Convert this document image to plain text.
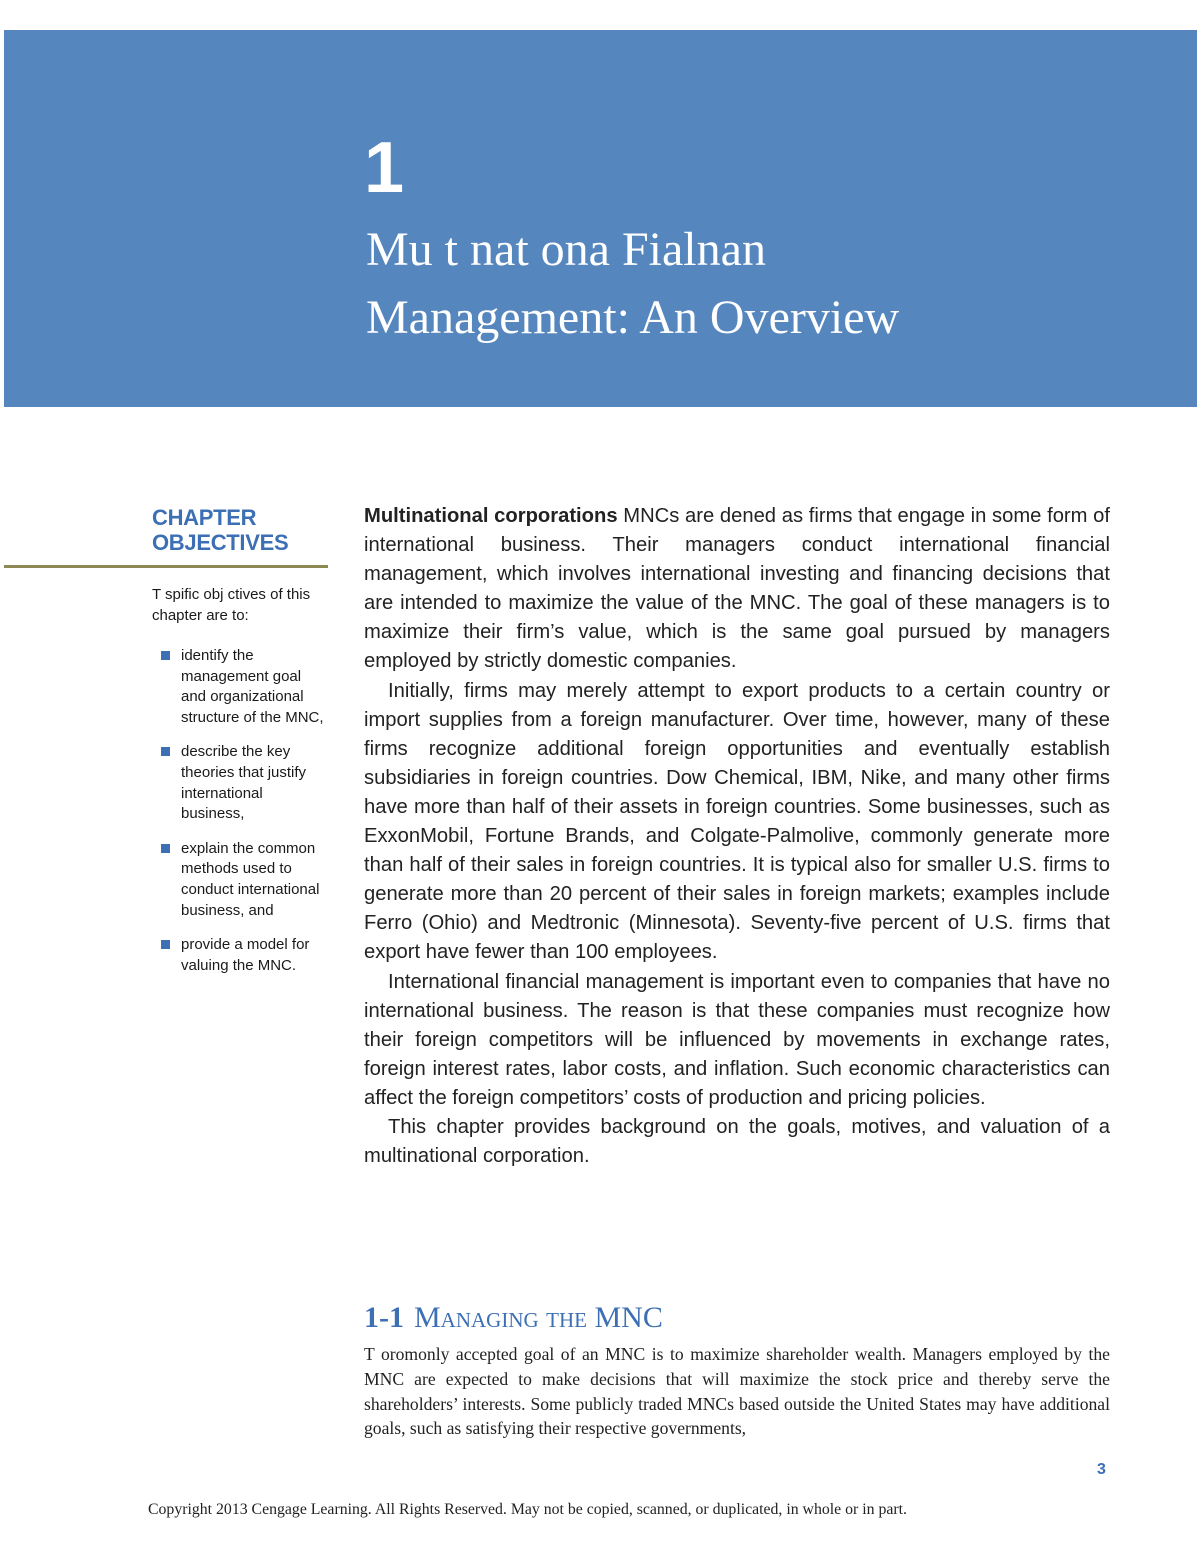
1
Mu t nat ona Fialnan
Management: An Overview
CHAPTER
OBJECTIVES

T spific obj ctives of this chapter are to:

identify the management goal and organizational structure of the MNC,
describe the key theories that justify international business,
explain the common methods used to conduct international business, and
provide a model for valuing the MNC.

Multinational corporations MNCs are dened as firms that engage in some form of international business. Their managers conduct international financial management, which involves international investing and financing decisions that are intended to maximize the value of the MNC. The goal of these managers is to maximize their firm’s value, which is the same goal pursued by managers employed by strictly domestic companies.

Initially, firms may merely attempt to export products to a certain country or import supplies from a foreign manufacturer. Over time, however, many of these firms recognize additional foreign opportunities and eventually establish subsidiaries in foreign countries. Dow Chemical, IBM, Nike, and many other firms have more than half of their assets in foreign countries. Some businesses, such as ExxonMobil, Fortune Brands, and Colgate-Palmolive, commonly generate more than half of their sales in foreign countries. It is typical also for smaller U.S. firms to generate more than 20 percent of their sales in foreign markets; examples include Ferro (Ohio) and Medtronic (Minnesota). Seventy-five percent of U.S. firms that export have fewer than 100 employees.

International financial management is important even to companies that have no international business. The reason is that these companies must recognize how their foreign competitors will be influenced by movements in exchange rates, foreign interest rates, labor costs, and inflation. Such economic characteristics can affect the foreign competitors’ costs of production and pricing policies.

This chapter provides background on the goals, motives, and valuation of a multinational corporation.

1-1 Managing the MNC

T oromonly accepted goal of an MNC is to maximize shareholder wealth. Managers employed by the MNC are expected to make decisions that will maximize the stock price and thereby serve the shareholders’ interests. Some publicly traded MNCs based outside the United States may have additional goals, such as satisfying their respective governments,

3

Copyright 2013 Cengage Learning. All Rights Reserved. May not be copied, scanned, or duplicated, in whole or in part.
